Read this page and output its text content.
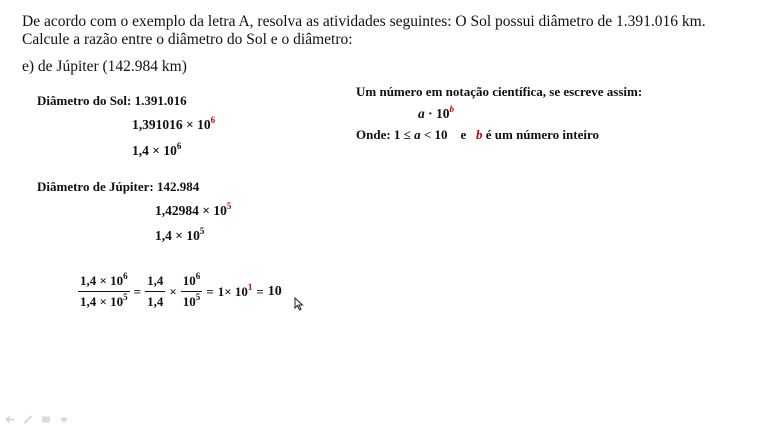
De acordo com o exemplo da letra A, resolva as atividades seguintes: O Sol possui diâmetro de 1.391.016 km.
Calcule a razão entre o diâmetro do Sol e o diâmetro:
e) de Júpiter (142.984 km)
Diâmetro do Sol: 1.391.016
$1,391016 \times 10^6$
$1,4 \times 10^6$
Diâmetro de Júpiter: 142.984
$1,42984 \times 10^5$
$1,4 \times 10^5$
Um número em notação científica, se escreve assim:
$a \cdot 10^b$
Onde: 1 ≤ a < 10    e   b é um número inteiro
$\frac{1,4 \times 10^6}{1,4 \times 10^5} = \frac{1,4}{1,4} \times \frac{10^6}{10^5} = 1\times 10^1 = 10$
